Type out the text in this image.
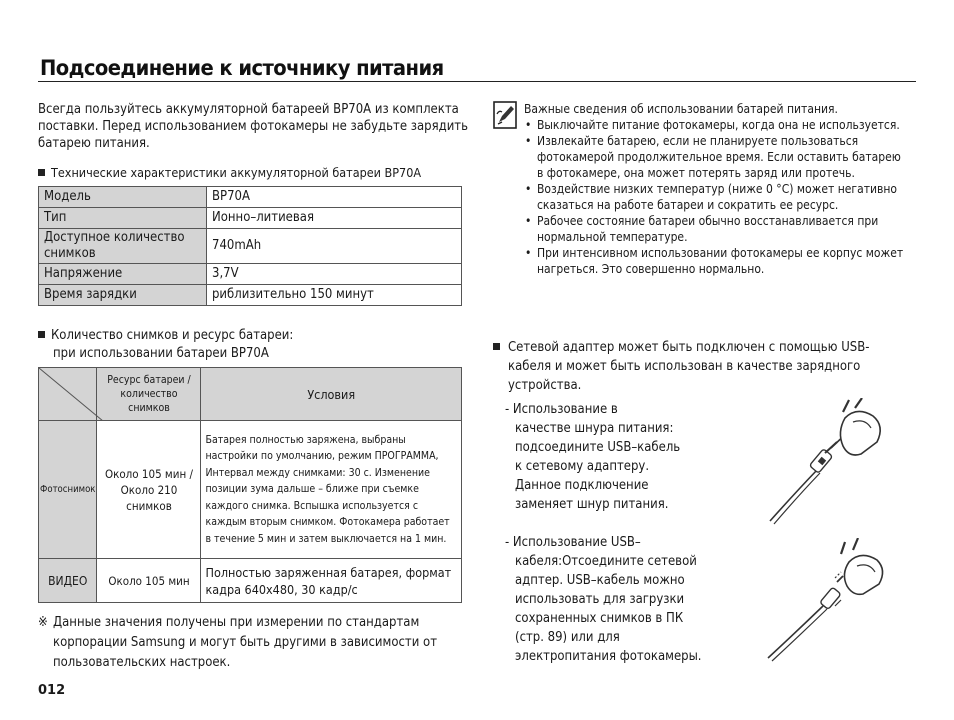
Подсоединение к источнику питания
Всегда пользуйтесь аккумуляторной батареей BP70A из комплекта поставки. Перед использованием фотокамеры не забудьте зарядить батарею питания.
Технические характеристики аккумуляторной батареи BP70A
Модель	BP70A
Тип	Ионно–литиевая
Доступное количество снимков	740mAh
Напряжение	3,7V
Время зарядки	риблизительно 150 минут
Количество снимков и ресурс батареи:
при использовании батареи BP70A
	Ресурс батареи / количество снимков	Условия
Фотоснимок	Около 105 мин / Около 210 снимков	Батарея полностью заряжена, выбраны настройки по умолчанию, режим ПРОГРАММА, Интервал между снимками: 30 с. Изменение позиции зума дальше – ближе при съемке каждого снимка. Вспышка используется с каждым вторым снимком. Фотокамера работает в течение 5 мин и затем выключается на 1 мин.
ВИДЕО	Около 105 мин	Полностью заряженная батарея, формат кадра 640x480, 30 кадр/с
※ Данные значения получены при измерении по стандартам корпорации Samsung и могут быть другими в зависимости от пользовательских настроек.
012
Важные сведения об использовании батарей питания.
• Выключайте питание фотокамеры, когда она не используется.
• Извлекайте батарею, если не планируете пользоваться фотокамерой продолжительное время. Если оставить батарею в фотокамере, она может потерять заряд или протечь.
• Воздействие низких температур (ниже 0 °C) может негативно сказаться на работе батареи и сократить ее ресурс.
• Рабочее состояние батареи обычно восстанавливается при нормальной температуре.
• При интенсивном использовании фотокамеры ее корпус может нагреться. Это совершенно нормально.
Сетевой адаптер может быть подключен с помощью USB-кабеля и может быть использован в качестве зарядного устройства.
- Использование в
качестве шнура питания:
подсоедините USB–кабель
к сетевому адаптеру.
Данное подключение
заменяет шнур питания.
- Использование USB–
кабеля:Отсоедините сетевой
адптер. USB–кабель можно
использовать для загрузки
сохраненных снимков в ПК
(стр. 89) или для
электропитания фотокамеры.
